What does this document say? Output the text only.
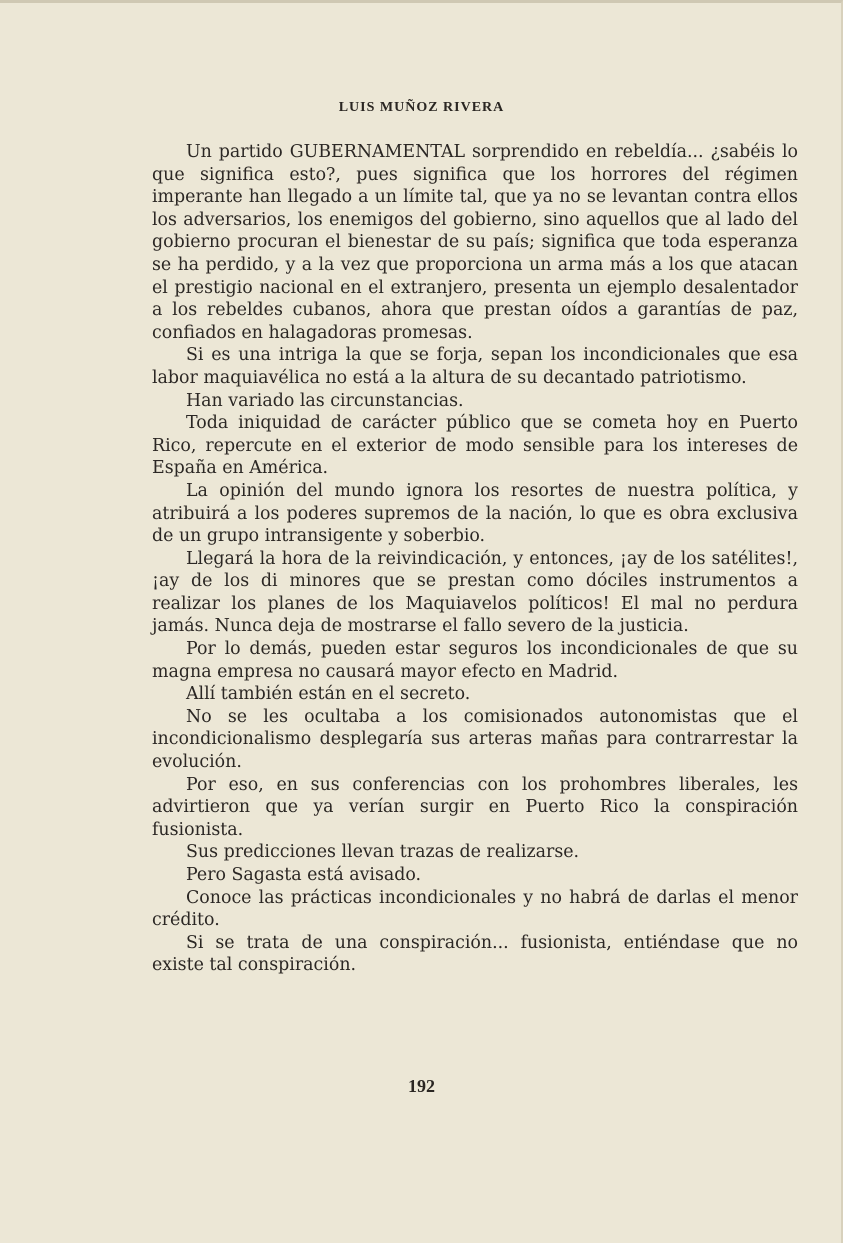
LUIS MUÑOZ RIVERA

Un partido GUBERNAMENTAL sorprendido en rebeldía... ¿sabéis lo que significa esto?, pues significa que los horrores del régimen imperante han llegado a un límite tal, que ya no se levantan contra ellos los adversarios, los enemigos del gobierno, sino aquellos que al lado del gobierno procuran el bienestar de su país; significa que toda esperanza se ha perdido, y a la vez que proporciona un arma más a los que atacan el prestigio nacional en el extranjero, presenta un ejemplo desalentador a los rebeldes cubanos, ahora que prestan oídos a garantías de paz, confiados en halagadoras promesas.

Si es una intriga la que se forja, sepan los incondicionales que esa labor maquiavélica no está a la altura de su decantado patriotismo.

Han variado las circunstancias.

Toda iniquidad de carácter público que se cometa hoy en Puerto Rico, repercute en el exterior de modo sensible para los intereses de España en América.

La opinión del mundo ignora los resortes de nuestra política, y atribuirá a los poderes supremos de la nación, lo que es obra exclusiva de un grupo intransigente y soberbio.

Llegará la hora de la reivindicación, y entonces, ¡ay de los satélites!, ¡ay de los di minores que se prestan como dóciles instrumentos a realizar los planes de los Maquiavelos políticos! El mal no perdura jamás. Nunca deja de mostrarse el fallo severo de la justicia.

Por lo demás, pueden estar seguros los incondicionales de que su magna empresa no causará mayor efecto en Madrid.

Allí también están en el secreto.

No se les ocultaba a los comisionados autonomistas que el incondicionalismo desplegaría sus arteras mañas para contrarrestar la evolución.

Por eso, en sus conferencias con los prohombres liberales, les advirtieron que ya verían surgir en Puerto Rico la conspiración fusionista.

Sus predicciones llevan trazas de realizarse.

Pero Sagasta está avisado.

Conoce las prácticas incondicionales y no habrá de darlas el menor crédito.

Si se trata de una conspiración... fusionista, entiéndase que no existe tal conspiración.

192
